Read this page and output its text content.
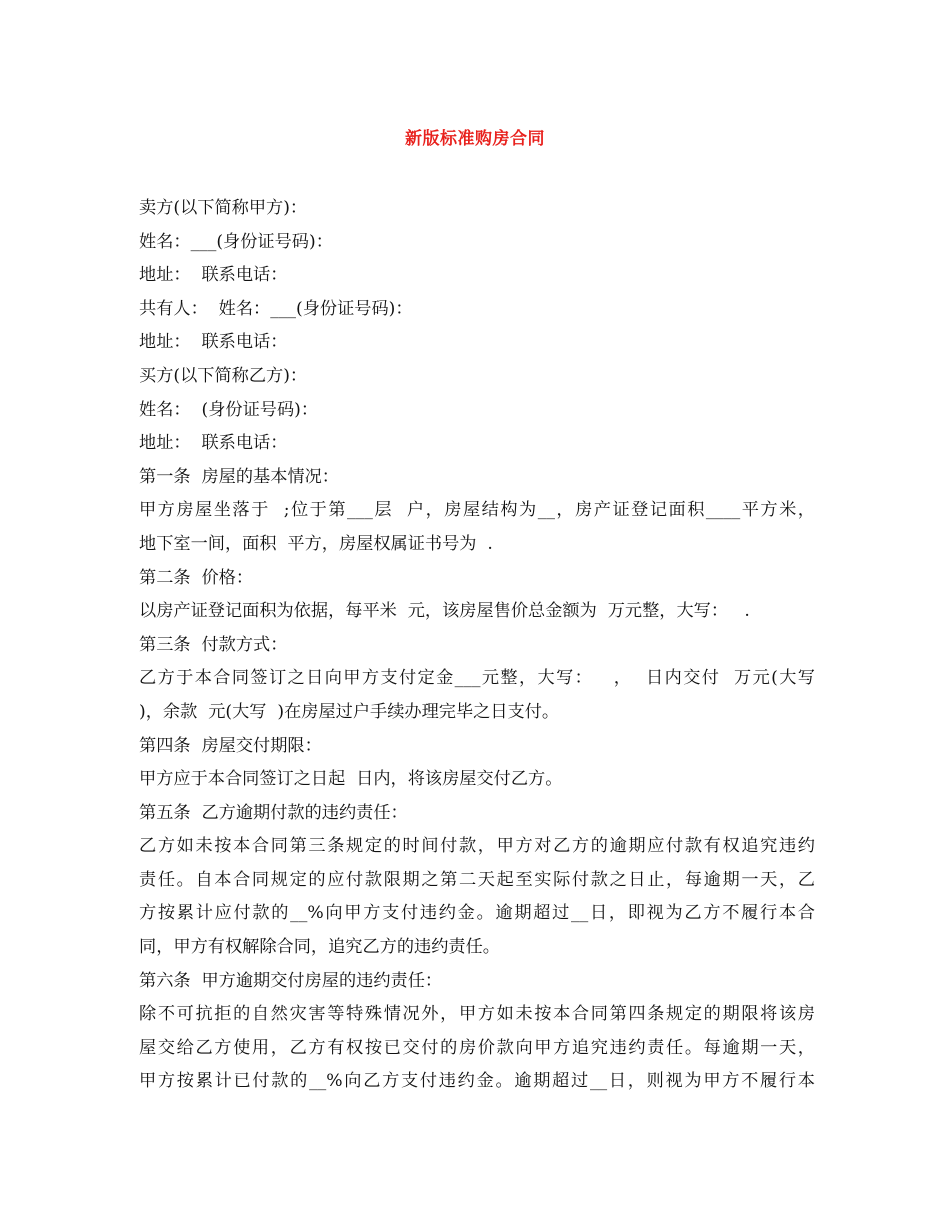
新版标准购房合同
卖方(以下简称甲方)：
姓名：___(身份证号码)：
地址：  联系电话：
共有人：  姓名：___(身份证号码)：
地址：  联系电话：
买方(以下简称乙方)：
姓名：  (身份证号码)：
地址：  联系电话：
第一条  房屋的基本情况：
甲方房屋坐落于  ;位于第___层  户，房屋结构为__，房产证登记面积____平方米，
地下室一间，面积  平方，房屋权属证书号为  .
第二条  价格：
以房产证登记面积为依据，每平米  元，该房屋售价总金额为  万元整，大写：   .
第三条  付款方式：
乙方于本合同签订之日向甲方支付定金___元整，大写：   ，  日内交付  万元(大写
)，余款  元(大写  )在房屋过户手续办理完毕之日支付。
第四条  房屋交付期限：
甲方应于本合同签订之日起  日内，将该房屋交付乙方。
第五条  乙方逾期付款的违约责任：
乙方如未按本合同第三条规定的时间付款，甲方对乙方的逾期应付款有权追究违约
责任。自本合同规定的应付款限期之第二天起至实际付款之日止，每逾期一天，乙
方按累计应付款的__%向甲方支付违约金。逾期超过__日，即视为乙方不履行本合
同，甲方有权解除合同，追究乙方的违约责任。
第六条  甲方逾期交付房屋的违约责任：
除不可抗拒的自然灾害等特殊情况外，甲方如未按本合同第四条规定的期限将该房
屋交给乙方使用，乙方有权按已交付的房价款向甲方追究违约责任。每逾期一天，
甲方按累计已付款的__%向乙方支付违约金。逾期超过__日，则视为甲方不履行本
